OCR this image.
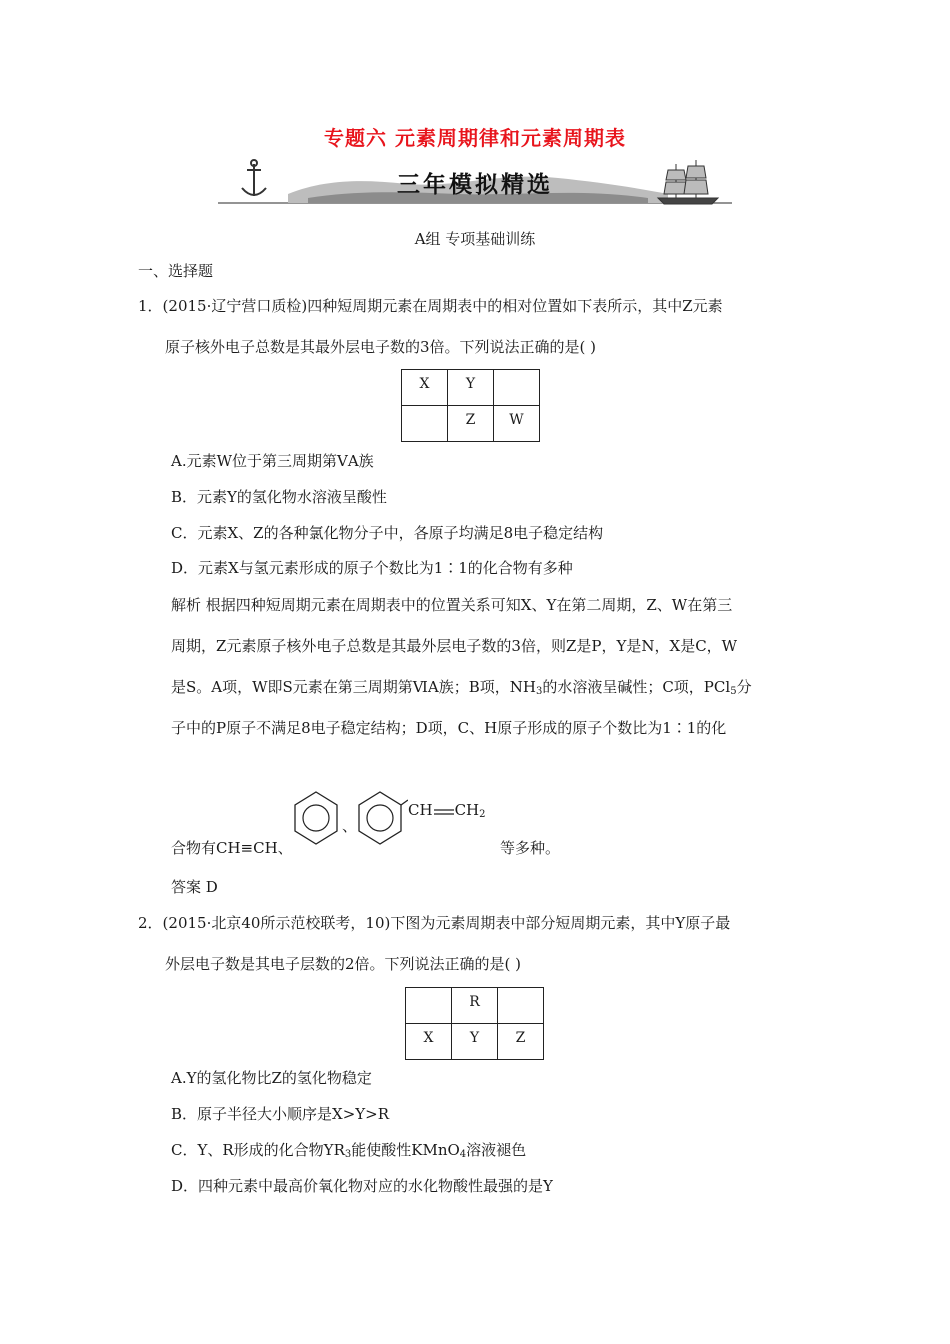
专题六 元素周期律和元素周期表
三年模拟精选
A组 专项基础训练
一、选择题
1．(2015·辽宁营口质检)四种短周期元素在周期表中的相对位置如下表所示，其中Z元素
原子核外电子总数是其最外层电子数的3倍。下列说法正确的是( )
X	Y	
	Z	W
A.元素W位于第三周期第ⅤA族
B．元素Y的氢化物水溶液呈酸性
C．元素X、Z的各种氯化物分子中，各原子均满足8电子稳定结构
D．元素X与氢元素形成的原子个数比为1∶1的化合物有多种
解析 根据四种短周期元素在周期表中的位置关系可知X、Y在第二周期，Z、W在第三
周期，Z元素原子核外电子总数是其最外层电子数的3倍，则Z是P，Y是N，X是C，W
是S。A项，W即S元素在第三周期第ⅥA族；B项，$NH_3$的水溶液呈碱性；C项，PCl$_5$分
子中的P原子不满足8电子稳定结构；D项，C、H原子形成的原子个数比为1∶1的化
、
CH $CH_2$
合物有CH≡CH、	等多种。
答案 D
2．(2015·北京40所示范校联考，10)下图为元素周期表中部分短周期元素，其中Y原子最
外层电子数是其电子层数的2倍。下列说法正确的是( )
	R	
X	Y	Z
A.Y的氢化物比Z的氢化物稳定
B．原子半径大小顺序是X>Y>R
C．Y、R形成的化合物$YR_3$能使酸性KMnO$_4$溶液褪色
D．四种元素中最高价氧化物对应的水化物酸性最强的是Y
